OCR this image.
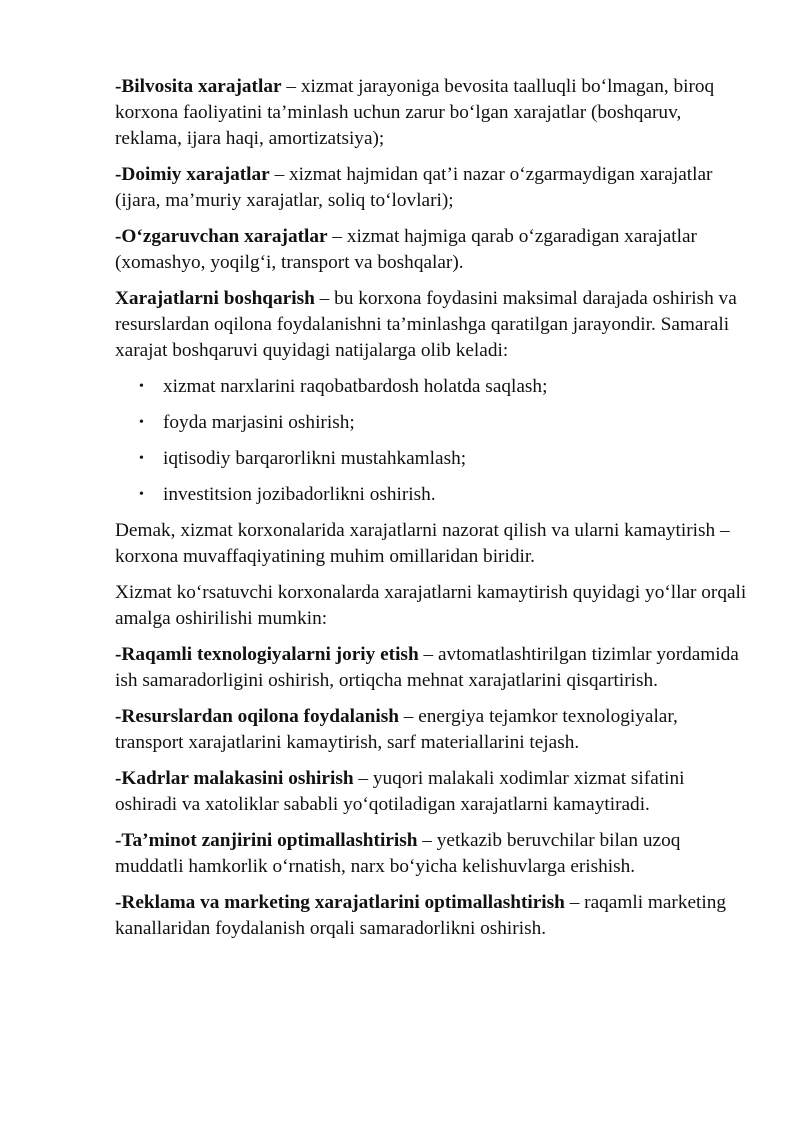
-Bilvosita xarajatlar – xizmat jarayoniga bevosita taalluqli bo‘lmagan, biroq korxona faoliyatini ta’minlash uchun zarur bo‘lgan xarajatlar (boshqaruv, reklama, ijara haqi, amortizatsiya);

-Doimiy xarajatlar – xizmat hajmidan qat’i nazar o‘zgarmaydigan xarajatlar (ijara, ma’muriy xarajatlar, soliq to‘lovlari);

-O‘zgaruvchan xarajatlar – xizmat hajmiga qarab o‘zgaradigan xarajatlar (xomashyo, yoqilg‘i, transport va boshqalar).

Xarajatlarni boshqarish – bu korxona foydasini maksimal darajada oshirish va resurslardan oqilona foydalanishni ta’minlashga qaratilgan jarayondir. Samarali xarajat boshqaruvi quyidagi natijalarga olib keladi:

• xizmat narxlarini raqobatbardosh holatda saqlash;
• foyda marjasini oshirish;
• iqtisodiy barqarorlikni mustahkamlash;
• investitsion jozibadorlikni oshirish.

Demak, xizmat korxonalarida xarajatlarni nazorat qilish va ularni kamaytirish – korxona muvaffaqiyatining muhim omillaridan biridir.

Xizmat ko‘rsatuvchi korxonalarda xarajatlarni kamaytirish quyidagi yo‘llar orqali amalga oshirilishi mumkin:

-Raqamli texnologiyalarni joriy etish – avtomatlashtirilgan tizimlar yordamida ish samaradorligini oshirish, ortiqcha mehnat xarajatlarini qisqartirish.

-Resurslardan oqilona foydalanish – energiya tejamkor texnologiyalar, transport xarajatlarini kamaytirish, sarf materiallarini tejash.

-Kadrlar malakasini oshirish – yuqori malakali xodimlar xizmat sifatini oshiradi va xatoliklar sababli yo‘qotiladigan xarajatlarni kamaytiradi.

-Ta’minot zanjirini optimallashtirish – yetkazib beruvchilar bilan uzoq muddatli hamkorlik o‘rnatish, narx bo‘yicha kelishuvlarga erishish.

-Reklama va marketing xarajatlarini optimallashtirish – raqamli marketing kanallaridan foydalanish orqali samaradorlikni oshirish.
